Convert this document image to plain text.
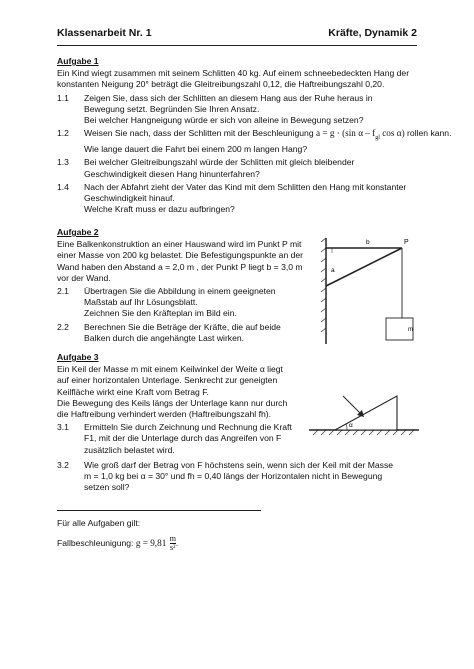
Klassenarbeit Nr. 1	Kräfte, Dynamik 2
Aufgabe 1
Ein Kind wiegt zusammen mit seinem Schlitten 40 kg. Auf einem schneebedeckten Hang der
konstanten Neigung 20° beträgt die Gleitreibungszahl 0,12, die Haftreibungszahl 0,20.
1.1 Zeigen Sie, dass sich der Schlitten an diesem Hang aus der Ruhe heraus in
Bewegung setzt. Begründen Sie Ihren Ansatz.
Bei welcher Hangneigung würde er sich von alleine in Bewegung setzen?
1.2 Weisen Sie nach, dass der Schlitten mit der Beschleunigung a = g · (sin α – $f_{gl}$ cos α) rollen kann.
Wie lange dauert die Fahrt bei einem 200 m langen Hang?
1.3 Bei welcher Gleitreibungszahl würde der Schlitten mit gleich bleibender
Geschwindigkeit diesen Hang hinunterfahren?
1.4 Nach der Abfahrt zieht der Vater das Kind mit dem Schlitten den Hang mit konstanter
Geschwindigkeit hinauf.
Welche Kraft muss er dazu aufbringen?
Aufgabe 2
Eine Balkenkonstruktion an einer Hauswand wird im Punkt P mit
einer Masse von 200 kg belastet. Die Befestigungspunkte an der
Wand haben den Abstand a = 2,0 m , der Punkt P liegt b = 3,0 m
vor der Wand.
2.1 Übertragen Sie die Abbildung in einem geeigneten
Maßstab auf Ihr Lösungsblatt.
Zeichnen Sie den Kräfteplan im Bild ein.
2.2 Berechnen Sie die Beträge der Kräfte, die auf beide
Balken durch die angehängte Last wirken.
b	P
a
m
Aufgabe 3
Ein Keil der Masse m mit einem Keilwinkel der Weite α liegt
auf einer horizontalen Unterlage. Senkrecht zur geneigten
Keilfläche wirkt eine Kraft vom Betrag F.
Die Bewegung des Keils längs der Unterlage kann nur durch
die Haftreibung verhindert werden (Haftreibungszahl fh).
3.1 Ermitteln Sie durch Zeichnung und Rechnung die Kraft
F1, mit der die Unterlage durch das Angreifen von F
zusätzlich belastet wird.
3.2 Wie groß darf der Betrag von F höchstens sein, wenn sich der Keil mit der Masse
m = 1,0 kg bei α = 30° und fh = 0,40 längs der Horizontalen nicht in Bewegung
setzen soll?
α
Für alle Aufgaben gilt:
Fallbeschleunigung: $g = 9,81 \frac{m}{\text{s²}}$ .
